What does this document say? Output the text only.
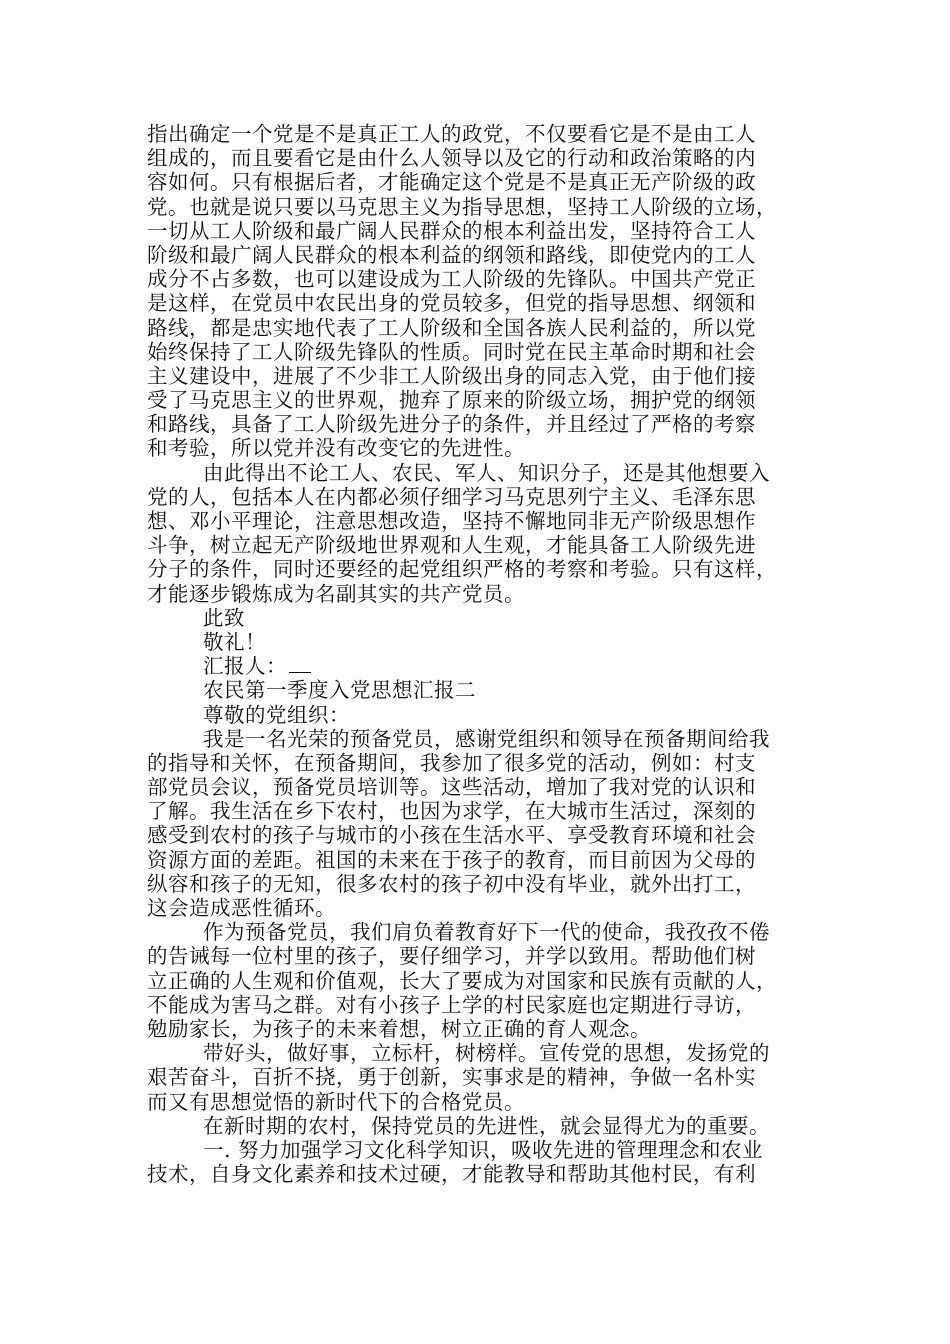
指出确定一个党是不是真正工人的政党，不仅要看它是不是由工人
组成的，而且要看它是由什么人领导以及它的行动和政治策略的内
容如何。只有根据后者，才能确定这个党是不是真正无产阶级的政
党。也就是说只要以马克思主义为指导思想，坚持工人阶级的立场，
一切从工人阶级和最广阔人民群众的根本利益出发，坚持符合工人
阶级和最广阔人民群众的根本利益的纲领和路线，即使党内的工人
成分不占多数，也可以建设成为工人阶级的先锋队。中国共产党正
是这样，在党员中农民出身的党员较多，但党的指导思想、纲领和
路线，都是忠实地代表了工人阶级和全国各族人民利益的，所以党
始终保持了工人阶级先锋队的性质。同时党在民主革命时期和社会
主义建设中，进展了不少非工人阶级出身的同志入党，由于他们接
受了马克思主义的世界观，抛弃了原来的阶级立场，拥护党的纲领
和路线，具备了工人阶级先进分子的条件，并且经过了严格的考察
和考验，所以党并没有改变它的先进性。
由此得出不论工人、农民、军人、知识分子，还是其他想要入
党的人，包括本人在内都必须仔细学习马克思列宁主义、毛泽东思
想、邓小平理论，注意思想改造，坚持不懈地同非无产阶级思想作
斗争，树立起无产阶级地世界观和人生观，才能具备工人阶级先进
分子的条件，同时还要经的起党组织严格的考察和考验。只有这样，
才能逐步锻炼成为名副其实的共产党员。
此致
敬礼！
汇报人：
农民第一季度入党思想汇报二
尊敬的党组织：
我是一名光荣的预备党员，感谢党组织和领导在预备期间给我
的指导和关怀，在预备期间，我参加了很多党的活动，例如：村支
部党员会议，预备党员培训等。这些活动，增加了我对党的认识和
了解。我生活在乡下农村，也因为求学，在大城市生活过，深刻的
感受到农村的孩子与城市的小孩在生活水平、享受教育环境和社会
资源方面的差距。祖国的未来在于孩子的教育，而目前因为父母的
纵容和孩子的无知，很多农村的孩子初中没有毕业，就外出打工，
这会造成恶性循环。
作为预备党员，我们肩负着教育好下一代的使命，我孜孜不倦
的告诫每一位村里的孩子，要仔细学习，并学以致用。帮助他们树
立正确的人生观和价值观，长大了要成为对国家和民族有贡献的人，
不能成为害马之群。对有小孩子上学的村民家庭也定期进行寻访，
勉励家长，为孩子的未来着想，树立正确的育人观念。
带好头，做好事，立标杆，树榜样。宣传党的思想，发扬党的
艰苦奋斗，百折不挠，勇于创新，实事求是的精神，争做一名朴实
而又有思想觉悟的新时代下的合格党员。
在新时期的农村，保持党员的先进性，就会显得尤为的重要。
一. 努力加强学习文化科学知识，吸收先进的管理理念和农业
技术，自身文化素养和技术过硬，才能教导和帮助其他村民，有利
